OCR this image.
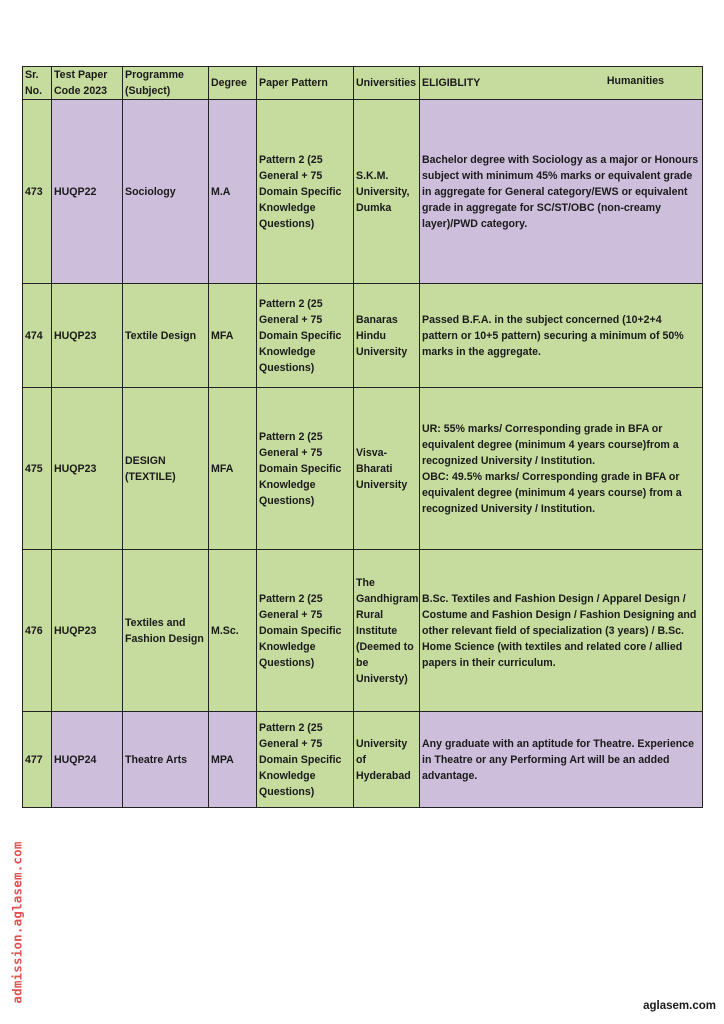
Sr. No.	Test Paper Code 2023	Programme (Subject)	Degree	Paper Pattern	Universities	ELIGIBLITY Humanities

473	HUQP22	Sociology	M.A	Pattern 2 (25 General + 75 Domain Specific Knowledge Questions)	S.K.M. University, Dumka	Bachelor degree with Sociology as a major or Honours subject with minimum 45% marks or equivalent grade in aggregate for General category/EWS or equivalent grade in aggregate for SC/ST/OBC (non-creamy layer)/PWD category.
474	HUQP23	Textile Design	MFA	Pattern 2 (25 General + 75 Domain Specific Knowledge Questions)	Banaras Hindu University	Passed B.F.A. in the subject concerned (10+2+4 pattern or 10+5 pattern) securing a minimum of 50% marks in the aggregate.
475	HUQP23	DESIGN (TEXTILE)	MFA	Pattern 2 (25 General + 75 Domain Specific Knowledge Questions)	Visva-Bharati University	UR: 55% marks/ Corresponding grade in BFA or equivalent degree (minimum 4 years course)from a recognized University / Institution.
OBC: 49.5% marks/ Corresponding grade in BFA or equivalent degree (minimum 4 years course) from a recognized University / Institution.

476	HUQP23	Textiles and Fashion Design	M.Sc.	Pattern 2 (25 General + 75 Domain Specific Knowledge Questions)	The Gandhigram Rural Institute (Deemed to be Universty)	B.Sc. Textiles and Fashion Design / Apparel Design / Costume and Fashion Design / Fashion Designing and other relevant field of specialization (3 years) / B.Sc. Home Science (with textiles and related core / allied papers in their curriculum.
477	HUQP24	Theatre Arts	MPA	Pattern 2 (25 General + 75 Domain Specific Knowledge Questions)	University of Hyderabad	Any graduate with an aptitude for Theatre. Experience in Theatre or any Performing Art will be an added advantage.
admission.aglasem.com
aglasem.com
